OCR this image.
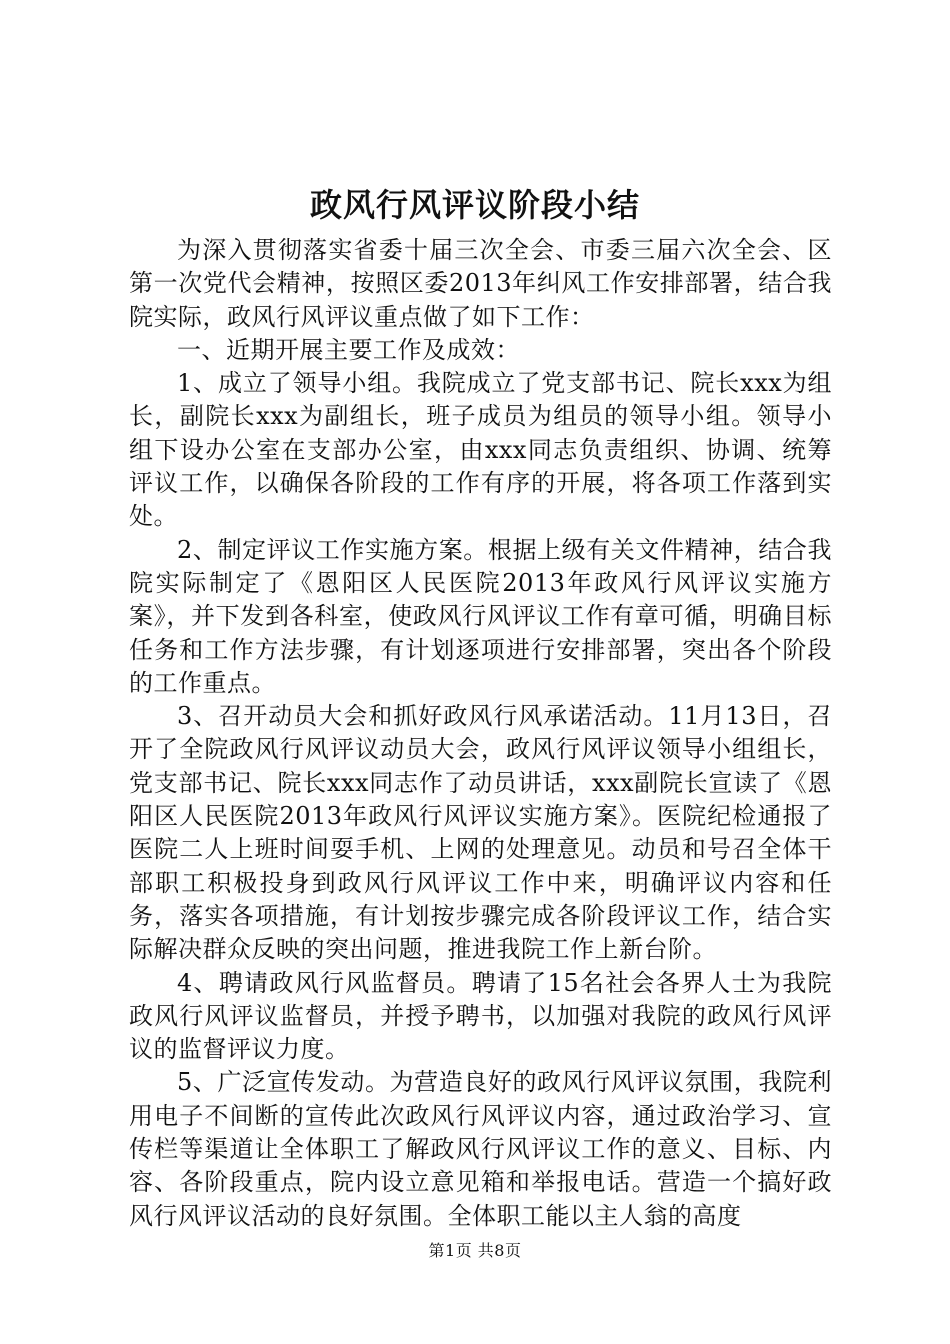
政风行风评议阶段小结

为深入贯彻落实省委十届三次全会、市委三届六次全会、区第一次党代会精神，按照区委2013年纠风工作安排部署，结合我院实际，政风行风评议重点做了如下工作：

一、近期开展主要工作及成效：

1、成立了领导小组。我院成立了党支部书记、院长xxx为组长，副院长xxx为副组长，班子成员为组员的领导小组。领导小组下设办公室在支部办公室，由xxx同志负责组织、协调、统筹评议工作，以确保各阶段的工作有序的开展，将各项工作落到实处。

2、制定评议工作实施方案。根据上级有关文件精神，结合我院实际制定了《恩阳区人民医院2013年政风行风评议实施方案》，并下发到各科室，使政风行风评议工作有章可循，明确目标任务和工作方法步骤，有计划逐项进行安排部署，突出各个阶段的工作重点。

3、召开动员大会和抓好政风行风承诺活动。11月13日，召开了全院政风行风评议动员大会，政风行风评议领导小组组长，党支部书记、院长xxx同志作了动员讲话，xxx副院长宣读了《恩阳区人民医院2013年政风行风评议实施方案》。医院纪检通报了医院二人上班时间耍手机、上网的处理意见。动员和号召全体干部职工积极投身到政风行风评议工作中来，明确评议内容和任务，落实各项措施，有计划按步骤完成各阶段评议工作，结合实际解决群众反映的突出问题，推进我院工作上新台阶。

4、聘请政风行风监督员。聘请了15名社会各界人士为我院政风行风评议监督员，并授予聘书，以加强对我院的政风行风评议的监督评议力度。

5、广泛宣传发动。为营造良好的政风行风评议氛围，我院利用电子不间断的宣传此次政风行风评议内容，通过政治学习、宣传栏等渠道让全体职工了解政风行风评议工作的意义、目标、内容、各阶段重点，院内设立意见箱和举报电话。营造一个搞好政风行风评议活动的良好氛围。全体职工能以主人翁的高度

第1页 共8页
